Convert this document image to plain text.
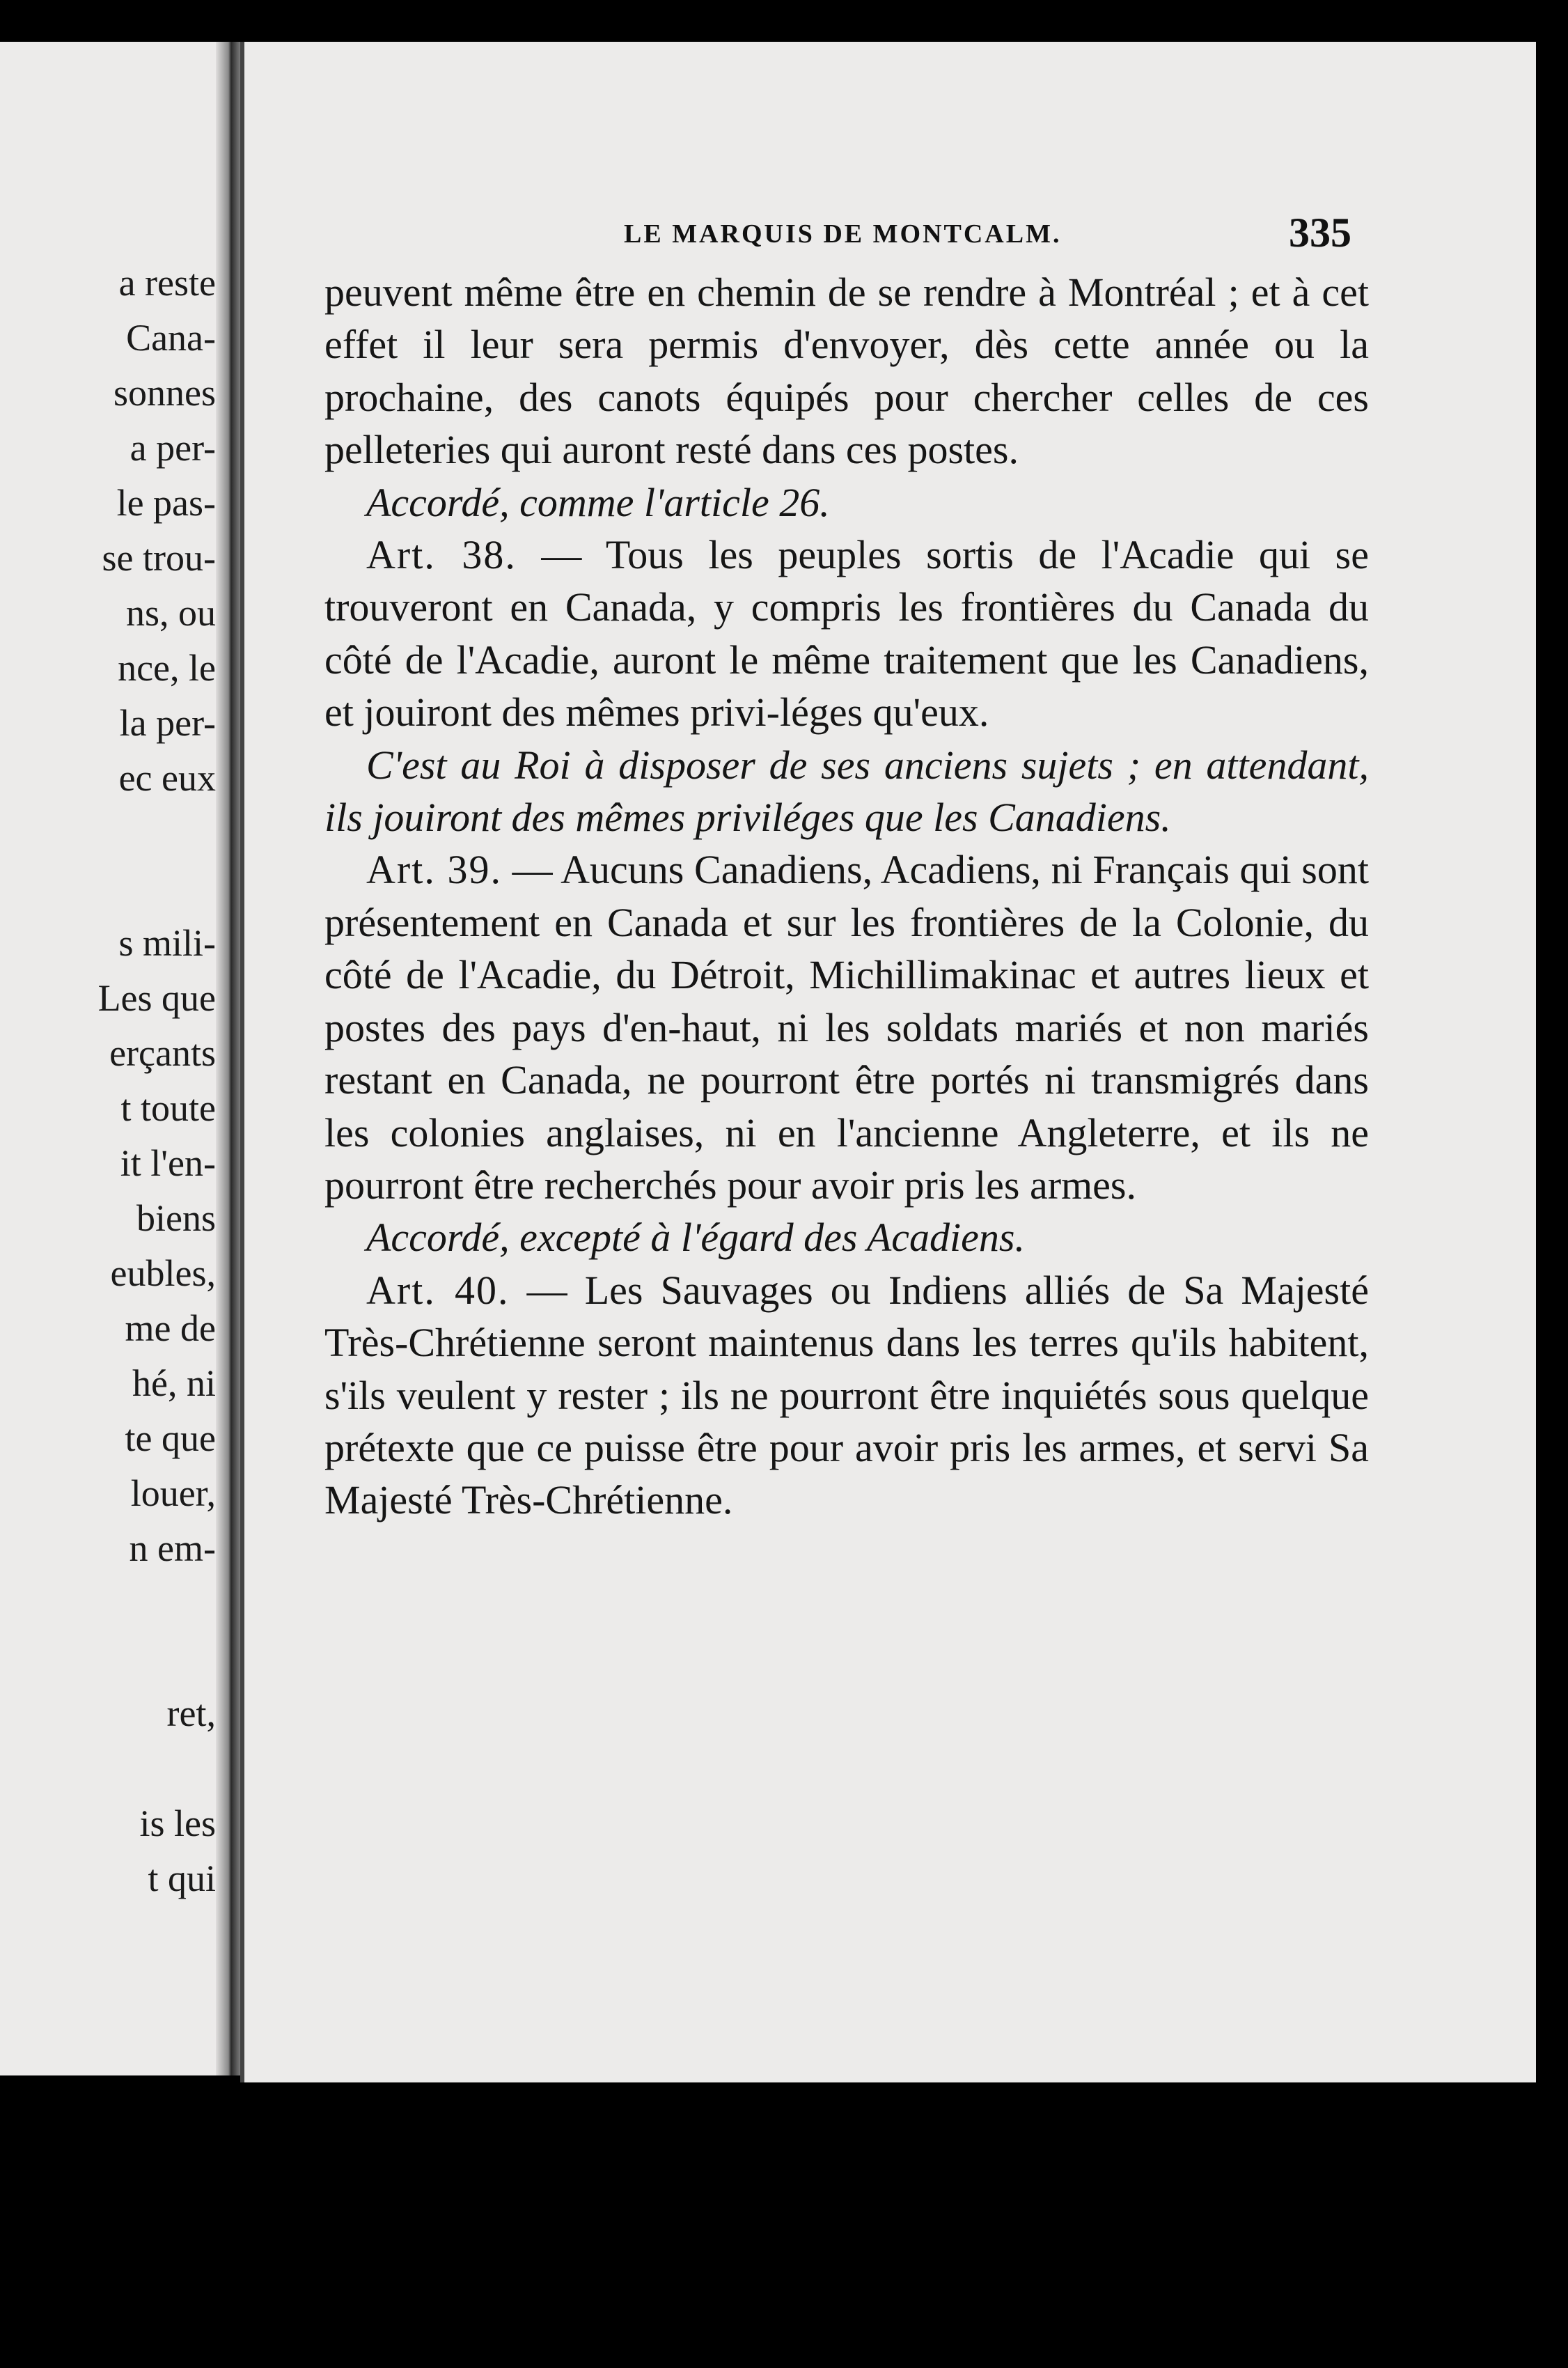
a reste
Cana-
sonnes
a per-
le pas-
se trou-
ns, ou
nce, le
la per-
ec eux
s mili-
Les que
erçants
t toute
it l'en-
biens
eubles,
me de
hé, ni
te que
louer,
n em-
ret,
is les
t qui
LE MARQUIS DE MONTCALM.	335

peuvent même être en chemin de se rendre à Montréal ; et à cet effet il leur sera permis d'envoyer, dès cette année ou la prochaine, des canots équipés pour chercher celles de ces pelleteries qui auront resté dans ces postes.

Accordé, comme l'article 26.

Art. 38. — Tous les peuples sortis de l'Acadie qui se trouveront en Canada, y compris les frontières du Canada du côté de l'Acadie, auront le même traitement que les Canadiens, et jouiront des mêmes privi-léges qu'eux.

C'est au Roi à disposer de ses anciens sujets ; en attendant, ils jouiront des mêmes priviléges que les Canadiens.

Art. 39. — Aucuns Canadiens, Acadiens, ni Français qui sont présentement en Canada et sur les frontières de la Colonie, du côté de l'Acadie, du Détroit, Michillimakinac et autres lieux et postes des pays d'en-haut, ni les soldats mariés et non mariés restant en Canada, ne pourront être portés ni transmigrés dans les colonies anglaises, ni en l'ancienne Angleterre, et ils ne pourront être recherchés pour avoir pris les armes.

Accordé, excepté à l'égard des Acadiens.

Art. 40. — Les Sauvages ou Indiens alliés de Sa Majesté Très-Chrétienne seront maintenus dans les terres qu'ils habitent, s'ils veulent y rester ; ils ne pourront être inquiétés sous quelque prétexte que ce puisse être pour avoir pris les armes, et servi Sa Majesté Très-Chrétienne.
